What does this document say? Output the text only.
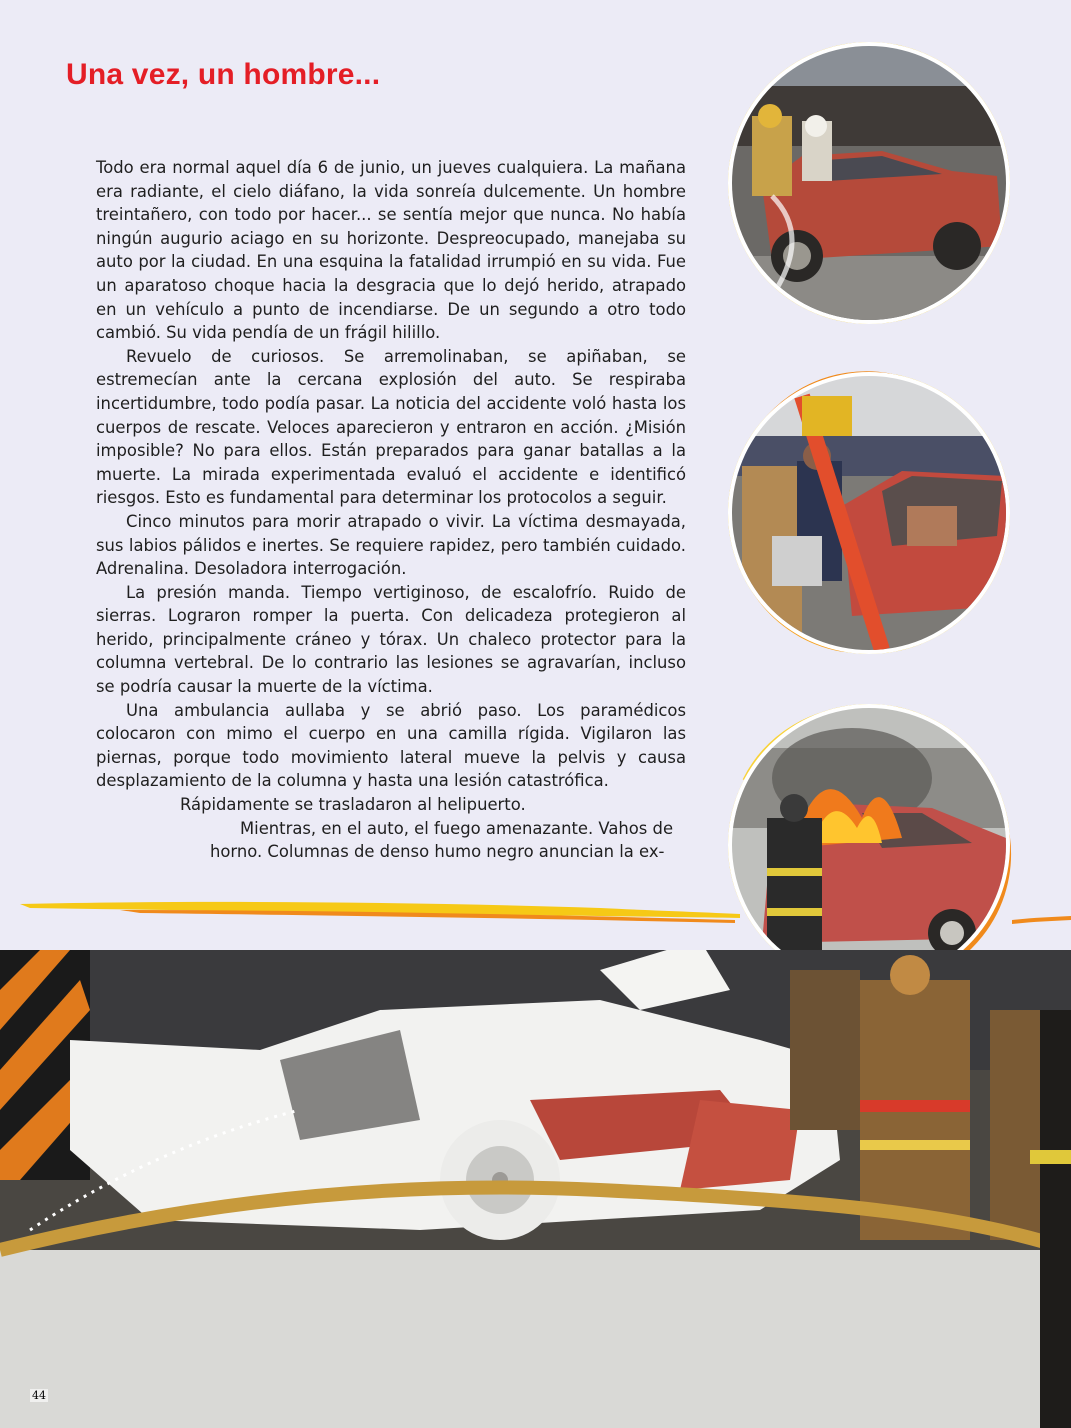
Una vez, un hombre...

Todo era normal aquel día 6 de junio, un jueves cualquiera. La mañana era radiante, el cielo diáfano, la vida sonreía dulcemente. Un hombre treintañero, con todo por hacer... se sentía mejor que nunca. No había ningún augurio aciago en su horizonte. Despreocupado, manejaba su auto por la ciudad. En una esquina la fatalidad irrumpió en su vida. Fue un aparatoso choque hacia la desgracia que lo dejó herido, atrapado en un vehículo a punto de incendiarse. De un segundo a otro todo cambió. Su vida pendía de un frágil hilillo.

Revuelo de curiosos. Se arremolinaban, se apiñaban, se estremecían ante la cercana explosión del auto. Se respiraba incertidumbre, todo podía pasar. La noticia del accidente voló hasta los cuerpos de rescate. Veloces aparecieron y entraron en acción. ¿Misión imposible? No para ellos. Están preparados para ganar batallas a la muerte. La mirada experimentada evaluó el accidente e identificó riesgos. Esto es fundamental para determinar los protocolos a seguir.

Cinco minutos para morir atrapado o vivir. La víctima desmayada, sus labios pálidos e inertes. Se requiere rapidez, pero también cuidado. Adrenalina. Desoladora interrogación.

La presión manda. Tiempo vertiginoso, de escalofrío. Ruido de sierras. Lograron romper la puerta. Con delicadeza protegieron al herido, principalmente cráneo y tórax. Un chaleco protector para la columna vertebral. De lo contrario las lesiones se agravarían, incluso se podría causar la muerte de la víctima.

Una ambulancia aullaba y se abrió paso. Los paramédicos colocaron con mimo el cuerpo en una camilla rígida. Vigilaron las piernas, porque todo movimiento lateral mueve la pelvis y causa desplazamiento de la columna y hasta una lesión catastrófica.

Rápidamente se trasladaron al helipuerto.

Mientras, en el auto, el fuego amenazante. Vahos de horno. Columnas de denso humo negro anuncian la ex-

44
